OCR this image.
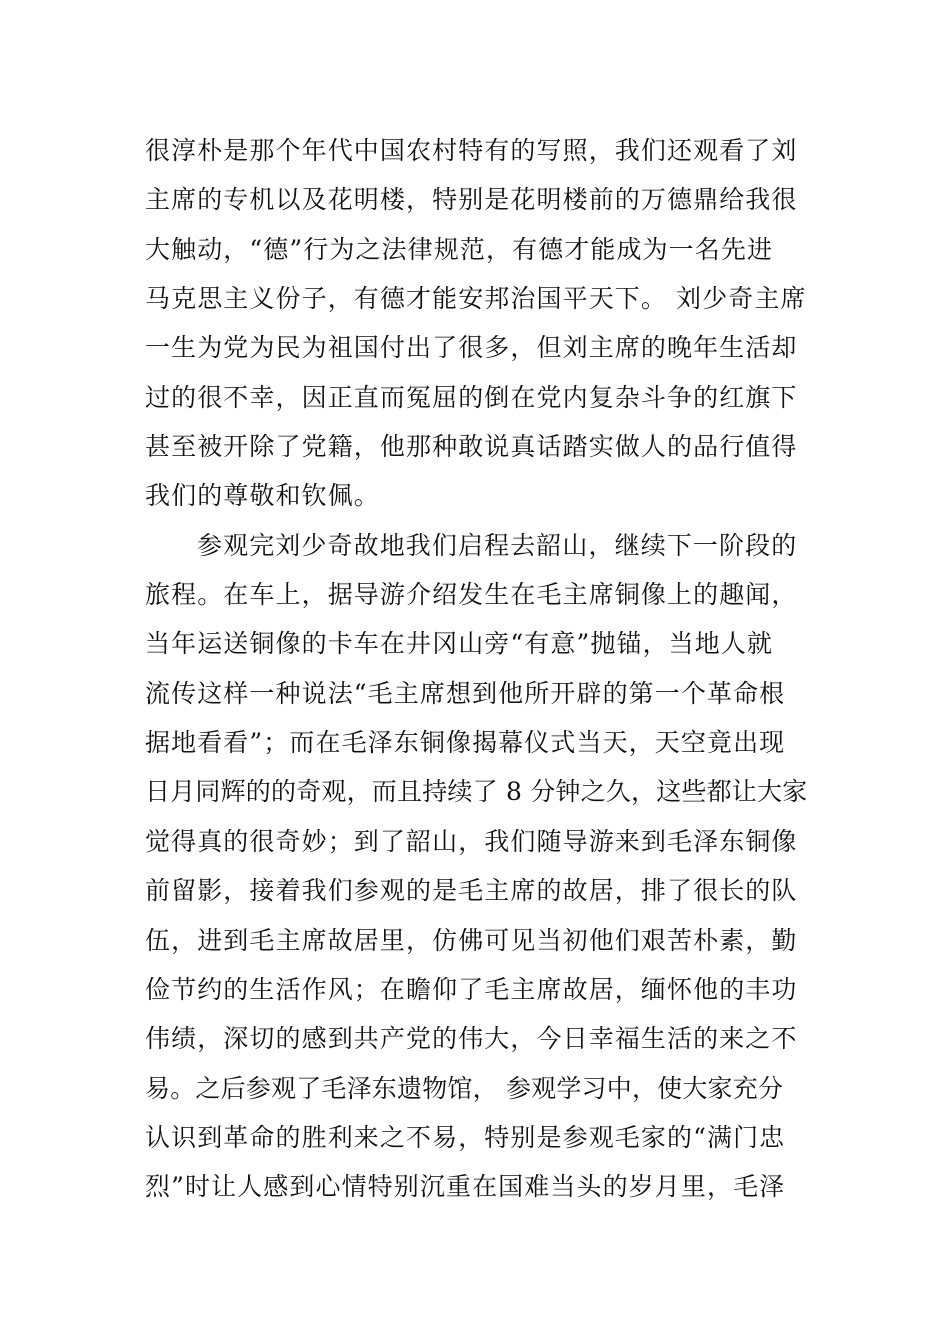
很淳朴是那个年代中国农村特有的写照，我们还观看了刘
主席的专机以及花明楼，特别是花明楼前的万德鼎给我很
大触动，“德”行为之法律规范，有德才能成为一名先进
马克思主义份子，有德才能安邦治国平天下。 刘少奇主席
一生为党为民为祖国付出了很多，但刘主席的晚年生活却
过的很不幸，因正直而冤屈的倒在党内复杂斗争的红旗下
甚至被开除了党籍，他那种敢说真话踏实做人的品行值得
我们的尊敬和钦佩。
参观完刘少奇故地我们启程去韶山，继续下一阶段的
旅程。在车上，据导游介绍发生在毛主席铜像上的趣闻，
当年运送铜像的卡车在井冈山旁“有意”抛锚，当地人就
流传这样一种说法“毛主席想到他所开辟的第一个革命根
据地看看”；而在毛泽东铜像揭幕仪式当天，天空竟出现
日月同辉的的奇观，而且持续了 8 分钟之久，这些都让大家
觉得真的很奇妙；到了韶山，我们随导游来到毛泽东铜像
前留影，接着我们参观的是毛主席的故居，排了很长的队
伍，进到毛主席故居里，仿佛可见当初他们艰苦朴素，勤
俭节约的生活作风；在瞻仰了毛主席故居，缅怀他的丰功
伟绩，深切的感到共产党的伟大，今日幸福生活的来之不
易。之后参观了毛泽东遗物馆， 参观学习中，使大家充分
认识到革命的胜利来之不易，特别是参观毛家的“满门忠
烈”时让人感到心情特别沉重在国难当头的岁月里，毛泽
